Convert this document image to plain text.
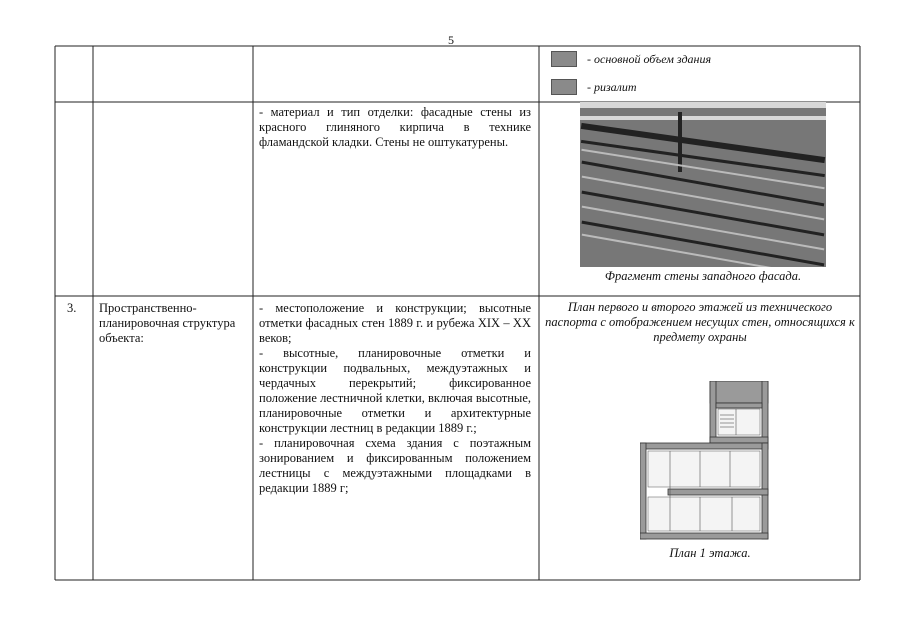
5
- основной объем здания
- ризалит
- материал и тип отделки: фасадные стены из красного глиняного кирпича в технике фламандской кладки. Стены не оштукатурены.
Фрагмент стены западного фасада.
3. Пространственно-

планировочная структура

объекта:

- местоположение и конструкции; высотные отметки фасадных стен 1889 г. и рубежа XIX – XX веков;

- высотные, планировочные отметки и конструкции подвальных, междуэтажных и чердачных перекрытий; фиксированное положение лестничной клетки, включая высотные, планировочные отметки и архитектурные конструкции лестниц в редакции 1889 г.;

- планировочная схема здания с поэтажным зонированием и фиксированным положением лестницы с междуэтажными площадками в редакции 1889 г;

План первого и второго этажей из технического паспорта с отображением несущих стен, относящихся к предмету охраны
План 1 этажа.
